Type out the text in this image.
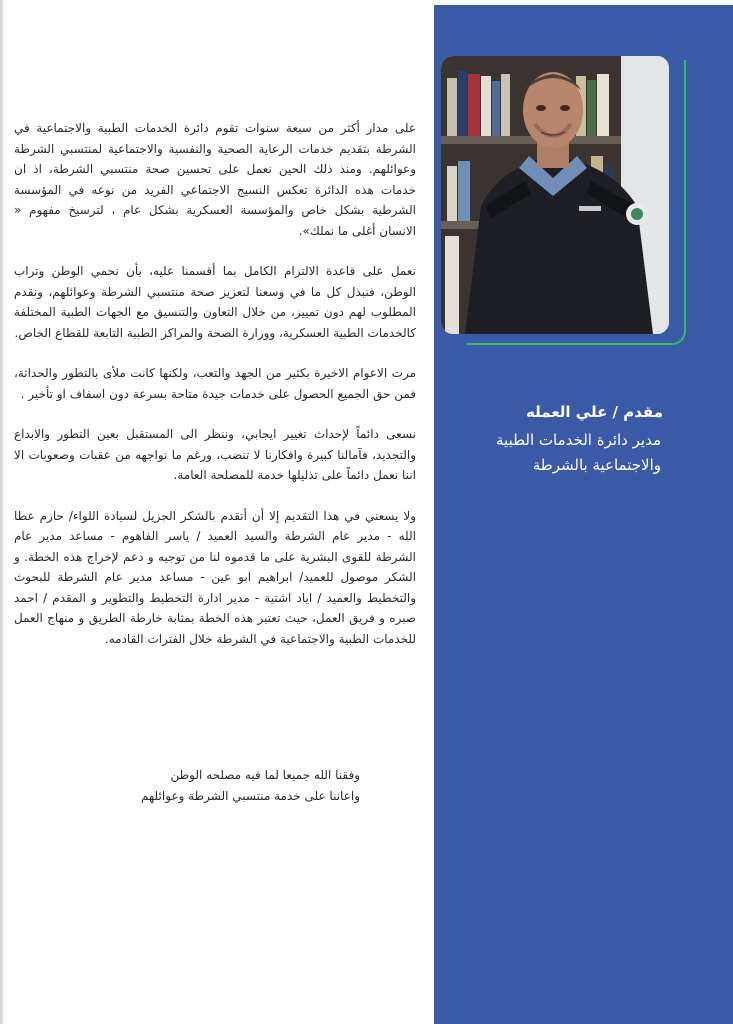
مقدم / علي العمله
مدير دائرة الخدمات الطبية
والاجتماعية بالشرطة

على مدار أكثر من سبعة سنوات تقوم دائرة الخدمات الطبية والاجتماعية في الشرطة بتقديم خدمات الرعاية الصحية والنفسية والاجتماعية لمنتسبي الشرطة وعوائلهم. ومنذ ذلك الحين نعمل على تحسين صحة منتسبي الشرطة، اذ ان خدمات هذه الدائرة تعكس النسيج الاجتماعي الفريد من نوعه في المؤسسة الشرطية بشكل خاص والمؤسسة العسكرية بشكل عام ، لترسيخ مفهوم « الانسان أغلى ما نملك».

نعمل على قاعدة الالتزام الكامل بما أقسمنا عليه، بأن نحمي الوطن وتراب الوطن، فنبذل كل ما في وسعنا لتعزيز صحة منتسبي الشرطة وعوائلهم، ونقدم المطلوب لهم دون تمييز، من خلال التعاون والتنسيق مع الجهات الطبية المختلفة كالخدمات الطبية العسكرية، ووزارة الصحة والمراكز الطبية التابعة للقطاع الخاص.

مرت الاعوام الاخيرة بكثير من الجهد والتعب، ولكنها كانت ملأى بالتطور والحداثة، فمن حق الجميع الحصول على خدمات جيدة متاحة بسرعة دون اسفاف او تأخير .

نسعى دائماً لإحداث تغيير ايجابي، وننظر الى المستقبل بعين التطور والابداع والتجديد، فآمالنا كبيرة وافكارنا لا تنضب، ورغم ما نواجهه من عقبات وصعوبات الا اننا نعمل دائماً على تذليلها خدمة للمصلحة العامة.

ولا يسعني في هذا التقديم إلا أن أتقدم بالشكر الجزيل لسيادة اللواء/ حازم عطا الله - مدير عام الشرطة والسيد العميد / ياسر الفاهوم - مساعد مدير عام الشرطة للقوى البشرية على ما قدموه لنا من توجيه و دعم لإخراج هذه الخطة. و الشكر موصول للعميد/ ابراهيم ابو عين - مساعد مدير عام الشرطة للبحوث والتخطيط والعميد / اياد اشتية - مدير ادارة التخطيط والتطوير و المقدم / احمد صبره و فريق العمل، حيث تعتبر هذه الخطة بمثابة خارطة الطريق و منهاج العمل للخدمات الطبية والاجتماعية في الشرطة خلال الفترات القادمه.

وفقنا الله جميعا لما فيه مصلحه الوطن
واعاننا على خدمة منتسبي الشرطة وعوائلهم
